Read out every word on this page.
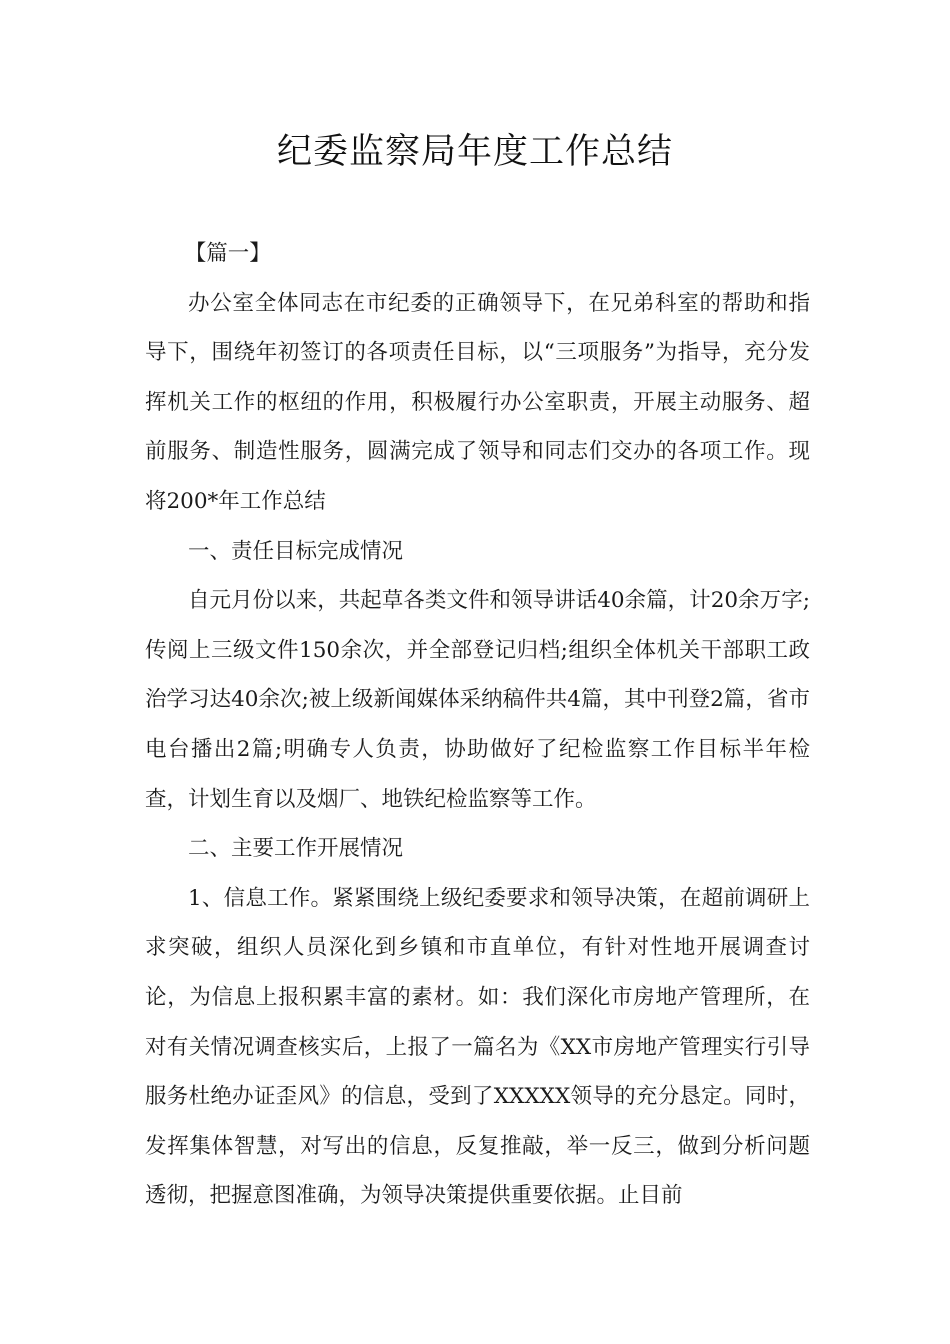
纪委监察局年度工作总结

【篇一】

办公室全体同志在市纪委的正确领导下，在兄弟科室的帮助和指导下，围绕年初签订的各项责任目标，以“三项服务”为指导，充分发挥机关工作的枢纽的作用，积极履行办公室职责，开展主动服务、超前服务、制造性服务，圆满完成了领导和同志们交办的各项工作。现将200*年工作总结

一、责任目标完成情况

自元月份以来，共起草各类文件和领导讲话40余篇，计20余万字;传阅上三级文件150余次，并全部登记归档;组织全体机关干部职工政治学习达40余次;被上级新闻媒体采纳稿件共4篇，其中刊登2篇，省市电台播出2篇;明确专人负责，协助做好了纪检监察工作目标半年检查，计划生育以及烟厂、地铁纪检监察等工作。

二、主要工作开展情况

1、信息工作。紧紧围绕上级纪委要求和领导决策，在超前调研上求突破，组织人员深化到乡镇和市直单位，有针对性地开展调查讨论，为信息上报积累丰富的素材。如：我们深化市房地产管理所，在对有关情况调查核实后，上报了一篇名为《XX市房地产管理实行引导服务杜绝办证歪风》的信息，受到了XXXXX领导的充分恳定。同时，发挥集体智慧，对写出的信息，反复推敲，举一反三，做到分析问题透彻，把握意图准确，为领导决策提供重要依据。止目前
